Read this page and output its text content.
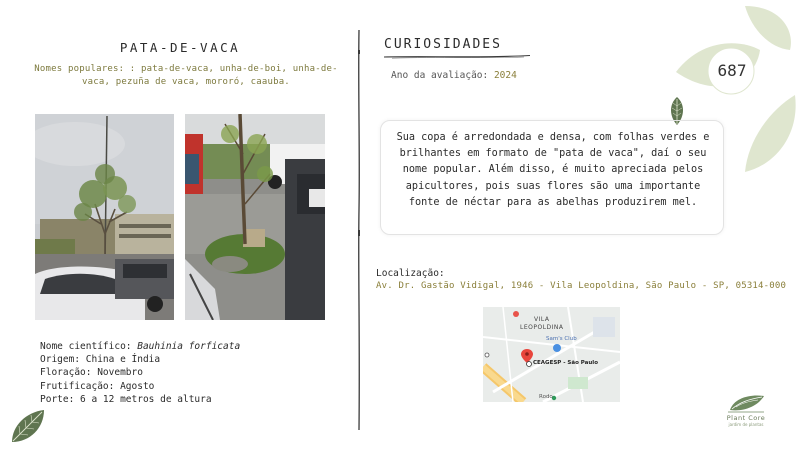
PATA-DE-VACA
Nomes populares: : pata-de-vaca, unha-de-boi, unha-de-vaca, pezuña de vaca, mororó, caauba.
Nome científico: Bauhinia forficata
Origem: China e Índia
Floração: Novembro
Frutificação: Agosto
Porte: 6 a 12 metros de altura
CURIOSIDADES
Ano da avaliação: 2024	687

Sua copa é arredondada e densa, com folhas verdes e brilhantes em formato de "pata de vaca", daí o seu nome popular. Além disso, é muito apreciada pelos apicultores, pois suas flores são uma importante fonte de néctar para as abelhas produzirem mel.

Localização:
Av. Dr. Gastão Vidigal, 1946 - Vila Leopoldina, São Paulo - SP, 05314-000
VILA
LEOPOLDINA
Sam's Club
CEAGESP - São Paulo
Rodo
Plant Core
jardim de plantas
